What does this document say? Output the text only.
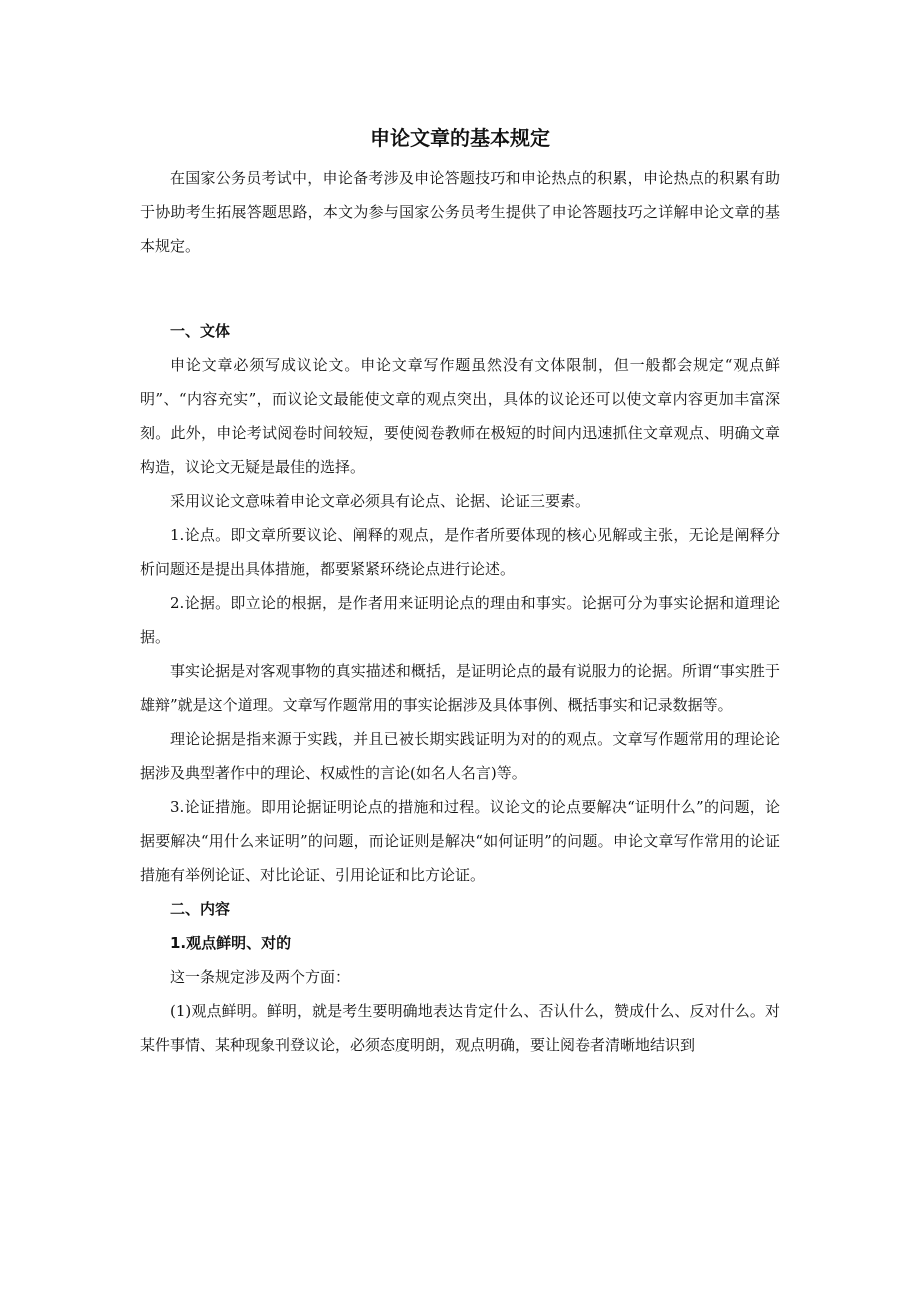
申论文章的基本规定

在国家公务员考试中，申论备考涉及申论答题技巧和申论热点的积累，申论热点的积累有助于协助考生拓展答题思路，本文为参与国家公务员考生提供了申论答题技巧之详解申论文章的基本规定。

一、文体

申论文章必须写成议论文。申论文章写作题虽然没有文体限制，但一般都会规定“观点鲜明”、“内容充实”，而议论文最能使文章的观点突出，具体的议论还可以使文章内容更加丰富深刻。此外，申论考试阅卷时间较短，要使阅卷教师在极短的时间内迅速抓住文章观点、明确文章构造，议论文无疑是最佳的选择。

采用议论文意味着申论文章必须具有论点、论据、论证三要素。

1.论点。即文章所要议论、阐释的观点，是作者所要体现的核心见解或主张，无论是阐释分析问题还是提出具体措施，都要紧紧环绕论点进行论述。

2.论据。即立论的根据，是作者用来证明论点的理由和事实。论据可分为事实论据和道理论据。

事实论据是对客观事物的真实描述和概括，是证明论点的最有说服力的论据。所谓“事实胜于雄辩”就是这个道理。文章写作题常用的事实论据涉及具体事例、概括事实和记录数据等。

理论论据是指来源于实践，并且已被长期实践证明为对的的观点。文章写作题常用的理论论据涉及典型著作中的理论、权威性的言论(如名人名言)等。

3.论证措施。即用论据证明论点的措施和过程。议论文的论点要解决“证明什么”的问题，论据要解决“用什么来证明”的问题，而论证则是解决“如何证明”的问题。申论文章写作常用的论证措施有举例论证、对比论证、引用论证和比方论证。

二、内容

1.观点鲜明、对的

这一条规定涉及两个方面：

(1)观点鲜明。鲜明，就是考生要明确地表达肯定什么、否认什么，赞成什么、反对什么。对某件事情、某种现象刊登议论，必须态度明朗，观点明确，要让阅卷者清晰地结识到
